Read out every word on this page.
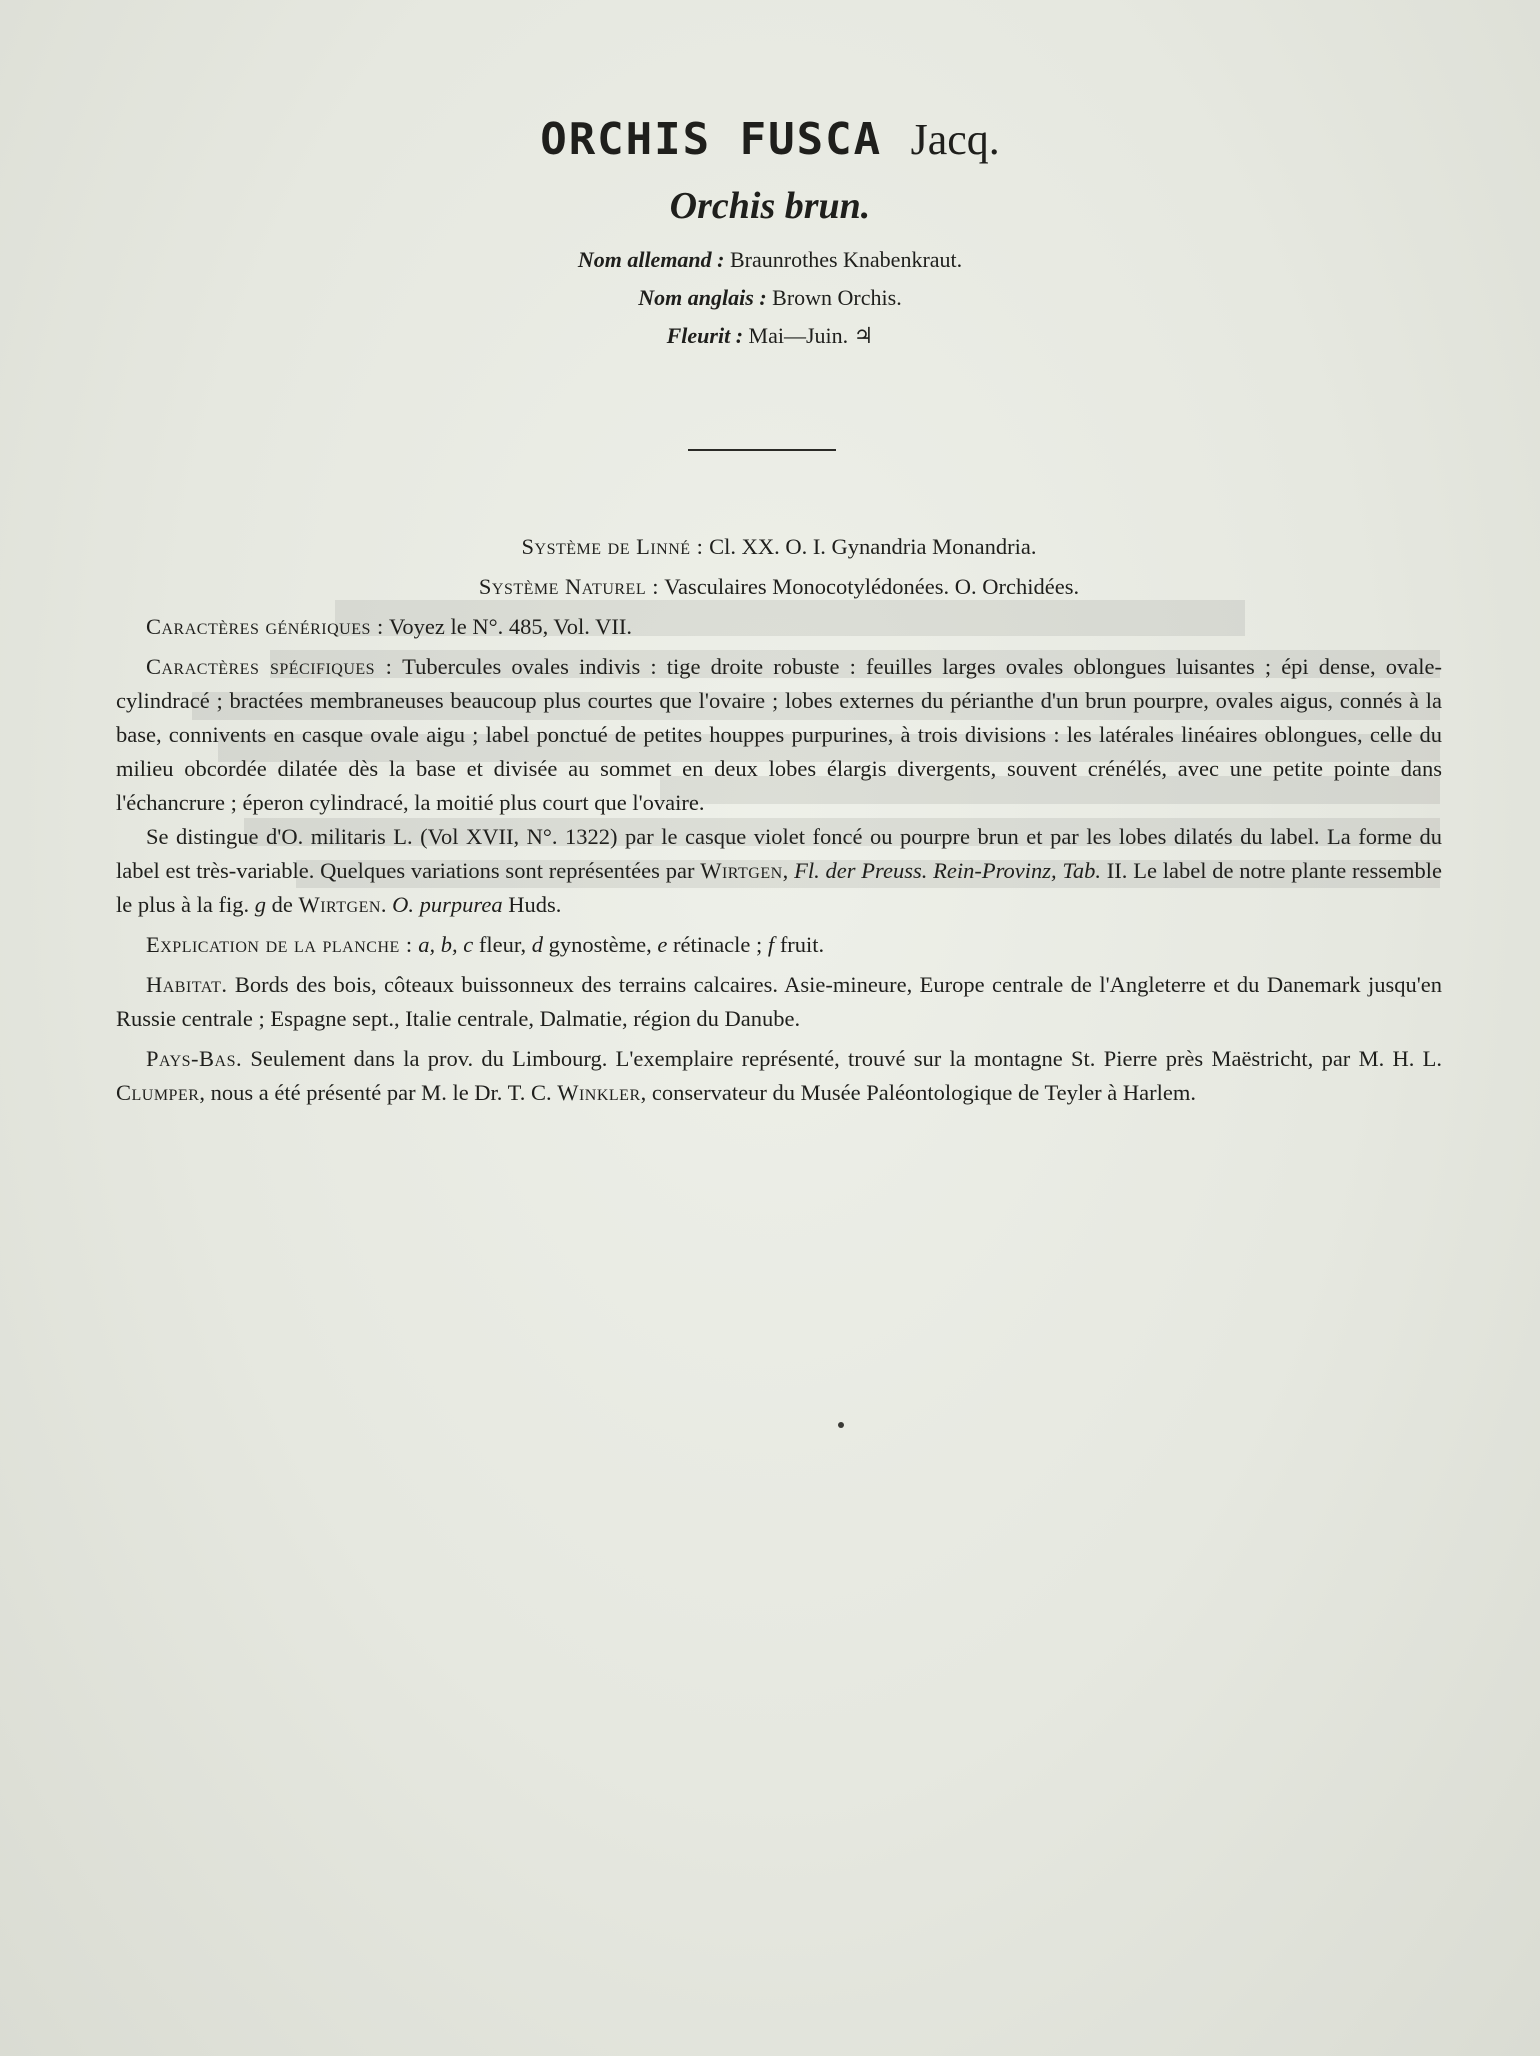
ORCHIS FUSCA Jacq.
Orchis brun.
Nom allemand : Braunrothes Knabenkraut.
Nom anglais : Brown Orchis.
Fleurit : Mai—Juin. ♃

Système de Linné : Cl. XX. O. I. Gynandria Monandria.

Système Naturel : Vasculaires Monocotylédonées. O. Orchidées.

Caractères génériques : Voyez le N°. 485, Vol. VII.

Caractères spécifiques : Tubercules ovales indivis : tige droite robuste : feuilles larges ovales oblongues luisantes ; épi dense, ovale-cylindracé ; bractées membraneuses beaucoup plus courtes que l'ovaire ; lobes externes du périanthe d'un brun pourpre, ovales aigus, connés à la base, connivents en casque ovale aigu ; label ponctué de petites houppes purpurines, à trois divisions : les latérales linéaires oblongues, celle du milieu obcordée dilatée dès la base et divisée au sommet en deux lobes élargis divergents, souvent crénélés, avec une petite pointe dans l'échancrure ; éperon cylindracé, la moitié plus court que l'ovaire.

Se distingue d'O. militaris L. (Vol XVII, N°. 1322) par le casque violet foncé ou pourpre brun et par les lobes dilatés du label. La forme du label est très-variable. Quelques variations sont représentées par Wirtgen, Fl. der Preuss. Rein-Provinz, Tab. II. Le label de notre plante ressemble le plus à la fig. g de Wirtgen. O. purpurea Huds.

Explication de la planche : a, b, c fleur, d gynostème, e rétinacle ; f fruit.

Habitat. Bords des bois, côteaux buissonneux des terrains calcaires. Asie-mineure, Europe centrale de l'Angleterre et du Danemark jusqu'en Russie centrale ; Espagne sept., Italie centrale, Dalmatie, région du Danube.

Pays-Bas. Seulement dans la prov. du Limbourg. L'exemplaire représenté, trouvé sur la montagne St. Pierre près Maëstricht, par M. H. L. Clumper, nous a été présenté par M. le Dr. T. C. Winkler, conservateur du Musée Paléontologique de Teyler à Harlem.
